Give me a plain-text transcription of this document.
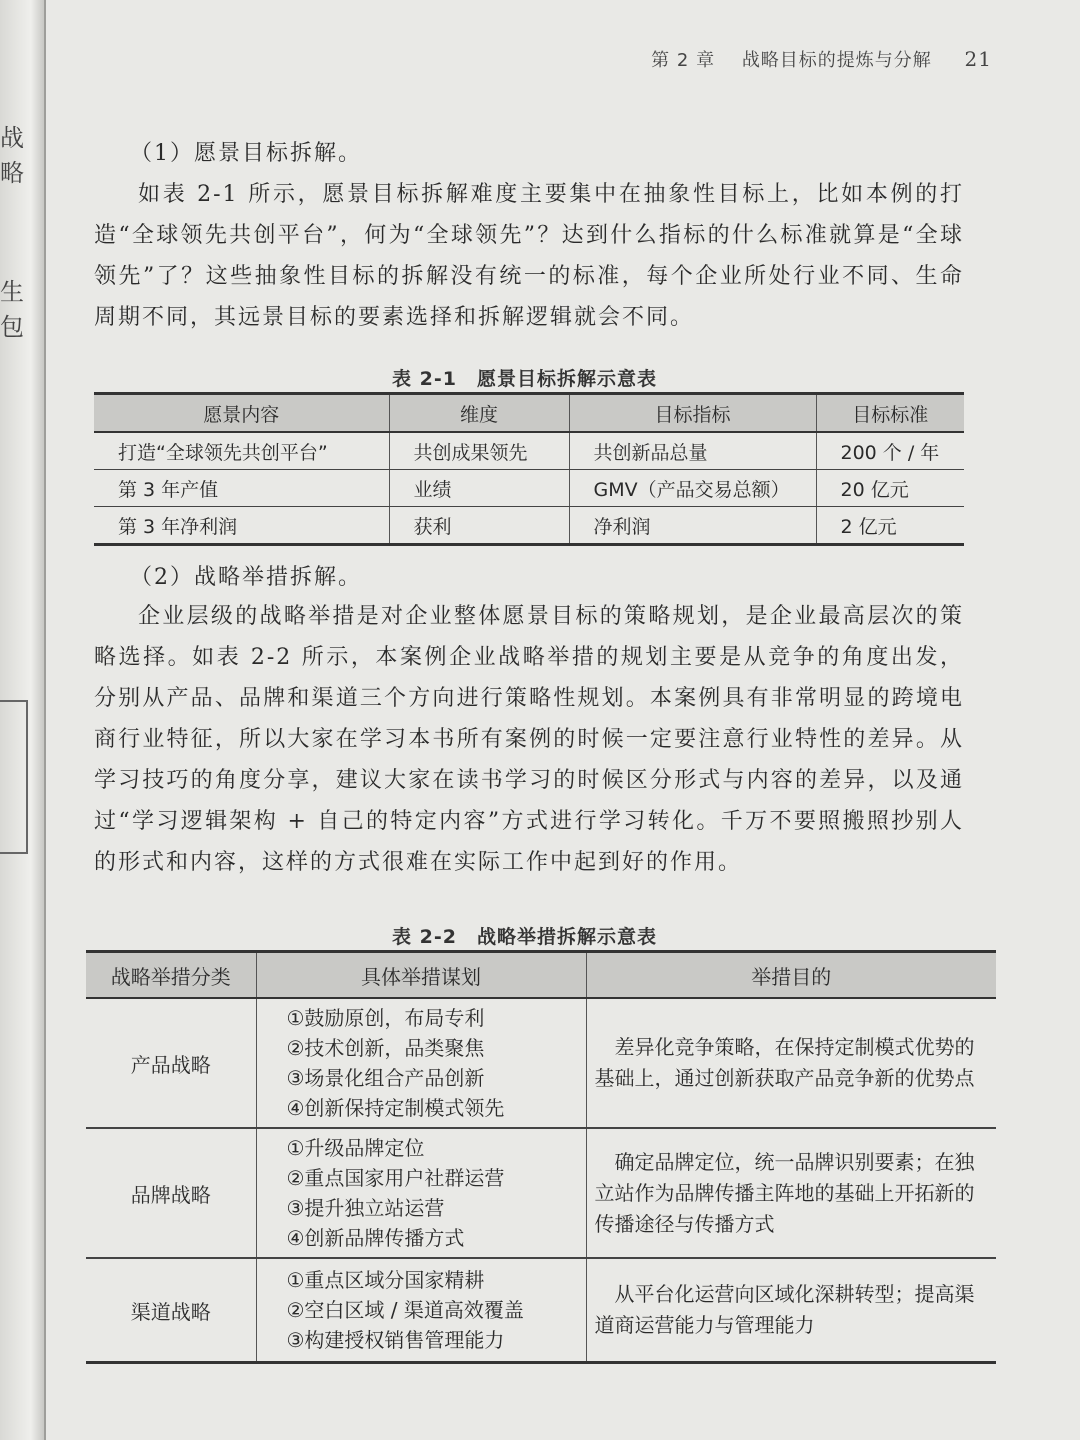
战略
生包
第 2 章 战略目标的提炼与分解 21
（1）愿景目标拆解。

如表 2-1 所示，愿景目标拆解难度主要集中在抽象性目标上，比如本例的打造“全球领先共创平台”，何为“全球领先”？达到什么指标的什么标准就算是“全球领先”了？这些抽象性目标的拆解没有统一的标准，每个企业所处行业不同、生命周期不同，其远景目标的要素选择和拆解逻辑就会不同。

表 2-1　愿景目标拆解示意表
愿景内容	维度	目标指标	目标标准
打造“全球领先共创平台”	共创成果领先	共创新品总量	200 个 / 年
第 3 年产值	业绩	GMV（产品交易总额）	20 亿元
第 3 年净利润	获利	净利润	2 亿元
（2）战略举措拆解。

企业层级的战略举措是对企业整体愿景目标的策略规划，是企业最高层次的策略选择。如表 2-2 所示，本案例企业战略举措的规划主要是从竞争的角度出发，分别从产品、品牌和渠道三个方向进行策略性规划。本案例具有非常明显的跨境电商行业特征，所以大家在学习本书所有案例的时候一定要注意行业特性的差异。从学习技巧的角度分享，建议大家在读书学习的时候区分形式与内容的差异，以及通过“学习逻辑架构 + 自己的特定内容”方式进行学习转化。千万不要照搬照抄别人的形式和内容，这样的方式很难在实际工作中起到好的作用。

表 2-2　战略举措拆解示意表
战略举措分类	具体举措谋划	举措目的
产品战略	①鼓励原创，布局专利
②技术创新，品类聚焦
③场景化组合产品创新
④创新保持定制模式领先	差异化竞争策略，在保持定制模式优势的基础上，通过创新获取产品竞争新的优势点
品牌战略	①升级品牌定位
②重点国家用户社群运营
③提升独立站运营
④创新品牌传播方式	确定品牌定位，统一品牌识别要素；在独立站作为品牌传播主阵地的基础上开拓新的传播途径与传播方式
渠道战略	①重点区域分国家精耕
②空白区域 / 渠道高效覆盖
③构建授权销售管理能力	从平台化运营向区域化深耕转型；提高渠道商运营能力与管理能力
